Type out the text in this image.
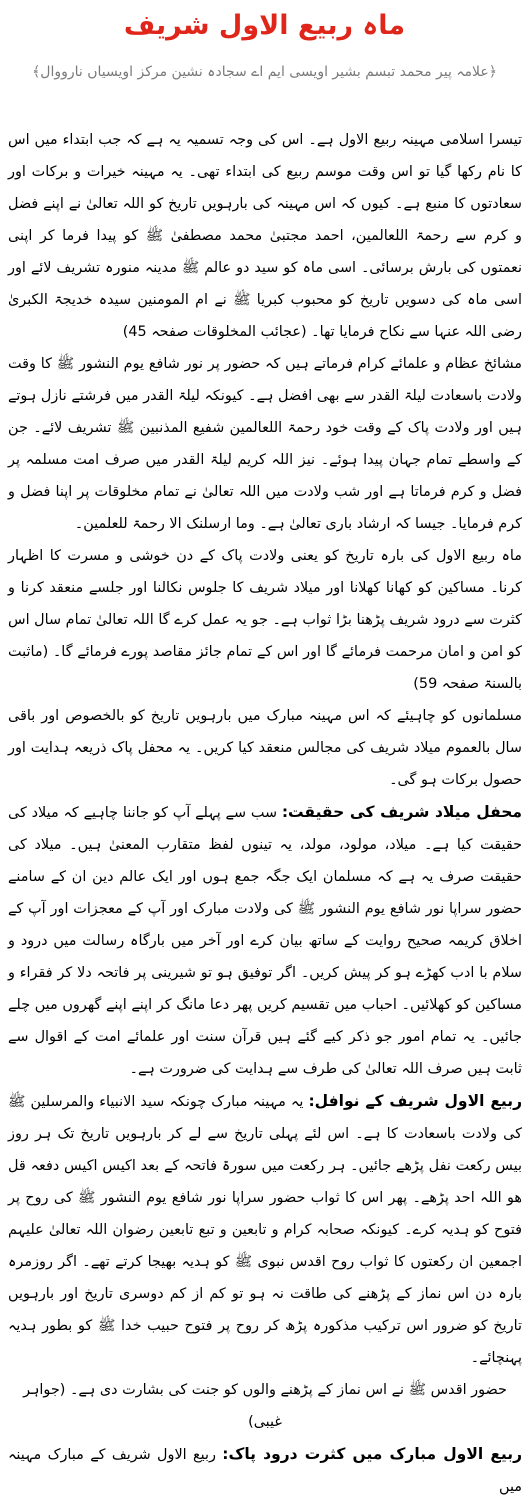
ماہ ربیع الاول شریف
﴿علامہ پیر محمد تبسم بشیر اویسی ایم اے سجادہ نشین مرکز اویسیاں نارووال﴾

تیسرا اسلامی مہینہ ربیع الاول ہے۔ اس کی وجہ تسمیہ یہ ہے کہ جب ابتداء میں اس کا نام رکھا گیا تو اس وقت موسم ربیع کی ابتداء تھی۔ یہ مہینہ خیرات و برکات اور سعادتوں کا منبع ہے۔ کیوں کہ اس مہینہ کی بارہویں تاریخ کو اللہ تعالیٰ نے اپنے فضل و کرم سے رحمۃ اللعالمین، احمد مجتبیٰ محمد مصطفیٰ ﷺ کو پیدا فرما کر اپنی نعمتوں کی بارش برسائی۔ اسی ماہ کو سید دو عالم ﷺ مدینہ منورہ تشریف لائے اور اسی ماہ کی دسویں تاریخ کو محبوب کبریا ﷺ نے ام المومنین سیدہ خدیجۃ الکبریٰ رضی اللہ عنہا سے نکاح فرمایا تھا۔ (عجائب المخلوقات صفحہ 45)

مشائخ عظام و علمائے کرام فرماتے ہیں کہ حضور پر نور شافع یوم النشور ﷺ کا وقت ولادت باسعادت لیلۃ القدر سے بھی افضل ہے۔ کیونکہ لیلۃ القدر میں فرشتے نازل ہوتے ہیں اور ولادت پاک کے وقت خود رحمۃ اللعالمین شفیع المذنبین ﷺ تشریف لائے۔ جن کے واسطے تمام جہان پیدا ہوئے۔ نیز اللہ کریم لیلۃ القدر میں صرف امت مسلمہ پر فضل و کرم فرماتا ہے اور شب ولادت میں اللہ تعالیٰ نے تمام مخلوقات پر اپنا فضل و کرم فرمایا۔ جیسا کہ ارشاد باری تعالیٰ ہے۔ وما ارسلنک الا رحمۃ للعلمین۔

ماہ ربیع الاول کی بارہ تاریخ کو یعنی ولادت پاک کے دن خوشی و مسرت کا اظہار کرنا۔ مساکین کو کھانا کھلانا اور میلاد شریف کا جلوس نکالنا اور جلسے منعقد کرنا و کثرت سے درود شریف پڑھنا بڑا ثواب ہے۔ جو یہ عمل کرے گا اللہ تعالیٰ تمام سال اس کو امن و امان مرحمت فرمائے گا اور اس کے تمام جائز مقاصد پورے فرمائے گا۔ (ماثبت بالسنۃ صفحہ 59)

مسلمانوں کو چاہیئے کہ اس مہینہ مبارک میں بارہویں تاریخ کو بالخصوص اور باقی سال بالعموم میلاد شریف کی مجالس منعقد کیا کریں۔ یہ محفل پاک ذریعہ ہدایت اور حصول برکات ہو گی۔

محفل میلاد شریف کی حقیقت: سب سے پہلے آپ کو جاننا چاہیے کہ میلاد کی حقیقت کیا ہے۔ میلاد، مولود، مولد، یہ تینوں لفظ متقارب المعنیٰ ہیں۔ میلاد کی حقیقت صرف یہ ہے کہ مسلمان ایک جگہ جمع ہوں اور ایک عالم دین ان کے سامنے حضور سراپا نور شافع یوم النشور ﷺ کی ولادت مبارک اور آپ کے معجزات اور آپ کے اخلاق کریمہ صحیح روایت کے ساتھ بیان کرے اور آخر میں بارگاہ رسالت میں درود و سلام با ادب کھڑے ہو کر پیش کریں۔ اگر توفیق ہو تو شیرینی پر فاتحہ دلا کر فقراء و مساکین کو کھلائیں۔ احباب میں تقسیم کریں پھر دعا مانگ کر اپنے اپنے گھروں میں چلے جائیں۔ یہ تمام امور جو ذکر کیے گئے ہیں قرآن سنت اور علمائے امت کے اقوال سے ثابت ہیں صرف اللہ تعالیٰ کی طرف سے ہدایت کی ضرورت ہے۔

ربیع الاول شریف کے نوافل: یہ مہینہ مبارک چونکہ سید الانبیاء والمرسلین ﷺ کی ولادت باسعادت کا ہے۔ اس لئے پہلی تاریخ سے لے کر بارہویں تاریخ تک ہر روز بیس رکعت نفل پڑھے جائیں۔ ہر رکعت میں سورۃ فاتحہ کے بعد اکیس اکیس دفعہ قل ھو اللہ احد پڑھے۔ پھر اس کا ثواب حضور سراپا نور شافع یوم النشور ﷺ کی روح پر فتوح کو ہدیہ کرے۔ کیونکہ صحابہ کرام و تابعین و تبع تابعین رضوان اللہ تعالیٰ علیہم اجمعین ان رکعتوں کا ثواب روح اقدس نبوی ﷺ کو ہدیہ بھیجا کرتے تھے۔ اگر روزمرہ بارہ دن اس نماز کے پڑھنے کی طاقت نہ ہو تو کم از کم دوسری تاریخ اور بارہویں تاریخ کو ضرور اس ترکیب مذکورہ پڑھ کر روح پر فتوح حبیب خدا ﷺ کو بطور ہدیہ پہنچائے۔

حضور اقدس ﷺ نے اس نماز کے پڑھنے والوں کو جنت کی بشارت دی ہے۔ (جواہر غیبی)

ربیع الاول مبارک میں کثرت درود پاک: ربیع الاول شریف کے مبارک مہینہ میں
